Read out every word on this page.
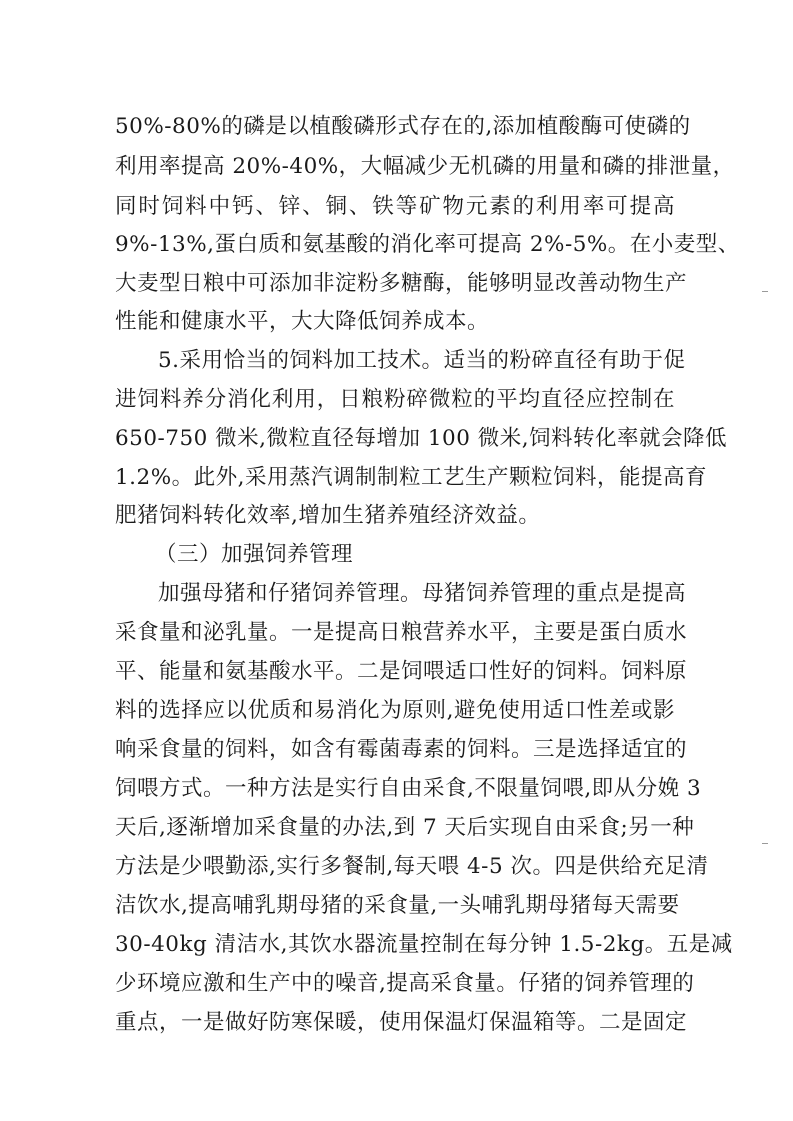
50%-80%的磷是以植酸磷形式存在的,添加植酸酶可使磷的
利用率提高 20%-40%，大幅减少无机磷的用量和磷的排泄量，
同时饲料中钙、锌、铜、铁等矿物元素的利用率可提高
9%-13%,蛋白质和氨基酸的消化率可提高 2%-5%。在小麦型、
大麦型日粮中可添加非淀粉多糖酶，能够明显改善动物生产
性能和健康水平，大大降低饲养成本。
5.采用恰当的饲料加工技术。适当的粉碎直径有助于促
进饲料养分消化利用，日粮粉碎微粒的平均直径应控制在
650-750 微米,微粒直径每增加 100 微米,饲料转化率就会降低
1.2%。此外,采用蒸汽调制制粒工艺生产颗粒饲料，能提高育
肥猪饲料转化效率,增加生猪养殖经济效益。
（三）加强饲养管理
加强母猪和仔猪饲养管理。母猪饲养管理的重点是提高
采食量和泌乳量。一是提高日粮营养水平，主要是蛋白质水
平、能量和氨基酸水平。二是饲喂适口性好的饲料。饲料原
料的选择应以优质和易消化为原则,避免使用适口性差或影
响采食量的饲料，如含有霉菌毒素的饲料。三是选择适宜的
饲喂方式。一种方法是实行自由采食,不限量饲喂,即从分娩 3
天后,逐渐增加采食量的办法,到 7 天后实现自由采食;另一种
方法是少喂勤添,实行多餐制,每天喂 4-5 次。四是供给充足清
洁饮水,提高哺乳期母猪的采食量,一头哺乳期母猪每天需要
30-40kg 清洁水,其饮水器流量控制在每分钟 1.5-2kg。五是减
少环境应激和生产中的噪音,提高采食量。仔猪的饲养管理的
重点，一是做好防寒保暖，使用保温灯保温箱等。二是固定
